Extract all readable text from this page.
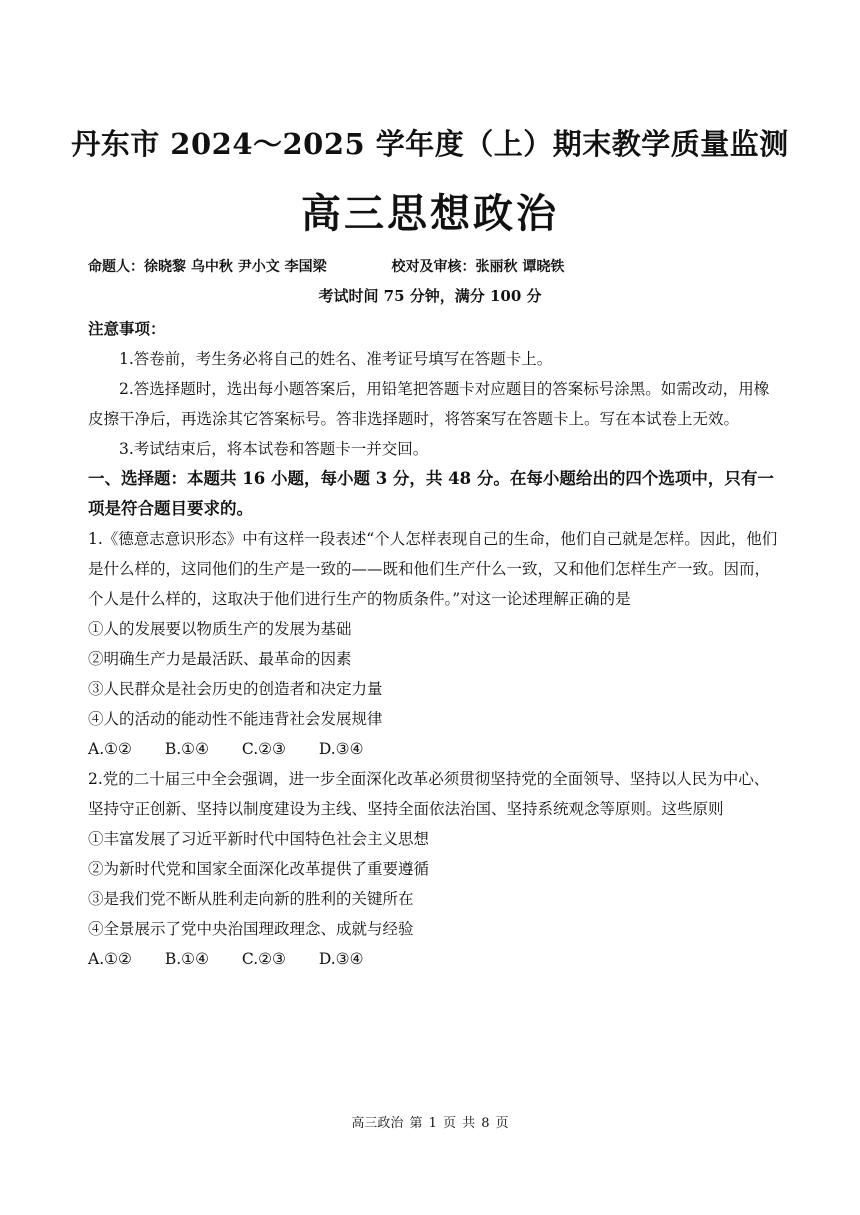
丹东市 2024～2025 学年度（上）期末教学质量监测
高三思想政治
命题人：徐晓黎 乌中秋 尹小文 李国梁	校对及审核：张丽秋 谭晓铁
考试时间 75 分钟，满分 100 分

注意事项：

1.答卷前，考生务必将自己的姓名、准考证号填写在答题卡上。

2.答选择题时，选出每小题答案后，用铅笔把答题卡对应题目的答案标号涂黑。如需改动，用橡皮擦干净后，再选涂其它答案标号。答非选择题时，将答案写在答题卡上。写在本试卷上无效。

3.考试结束后，将本试卷和答题卡一并交回。

一、选择题：本题共 16 小题，每小题 3 分，共 48 分。在每小题给出的四个选项中，只有一项是符合题目要求的。

1.《德意志意识形态》中有这样一段表述“个人怎样表现自己的生命，他们自己就是怎样。因此，他们是什么样的，这同他们的生产是一致的——既和他们生产什么一致，又和他们怎样生产一致。因而，个人是什么样的，这取决于他们进行生产的物质条件。”对这一论述理解正确的是

①人的发展要以物质生产的发展为基础

②明确生产力是最活跃、最革命的因素

③人民群众是社会历史的创造者和决定力量

④人的活动的能动性不能违背社会发展规律

A.①② B.①④ C.②③ D.③④

2.党的二十届三中全会强调，进一步全面深化改革必须贯彻坚持党的全面领导、坚持以人民为中心、坚持守正创新、坚持以制度建设为主线、坚持全面依法治国、坚持系统观念等原则。这些原则

①丰富发展了习近平新时代中国特色社会主义思想

②为新时代党和国家全面深化改革提供了重要遵循

③是我们党不断从胜利走向新的胜利的关键所在

④全景展示了党中央治国理政理念、成就与经验

A.①② B.①④ C.②③ D.③④

高三政治 第 1 页 共 8 页
